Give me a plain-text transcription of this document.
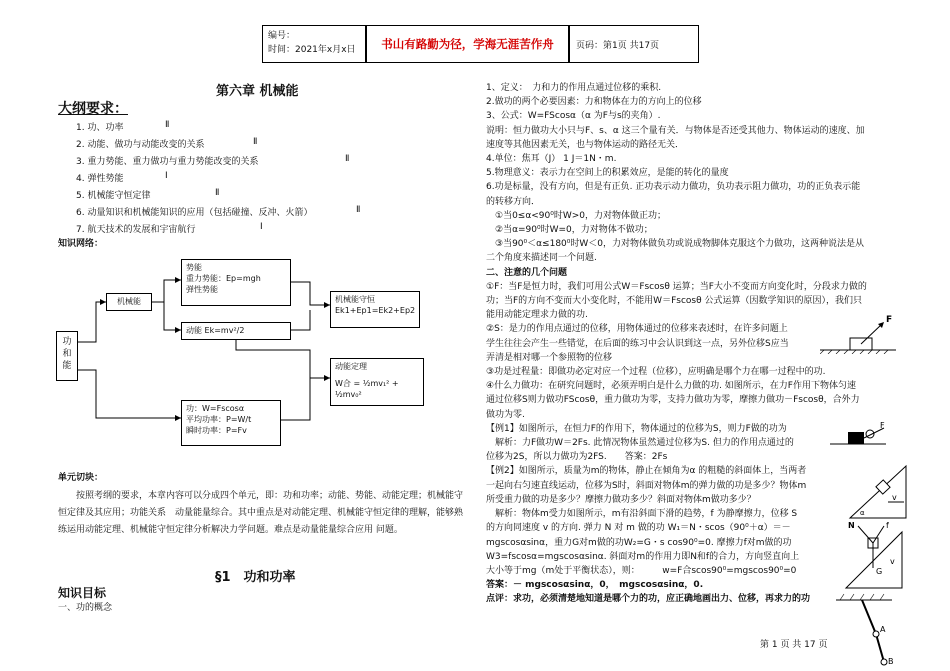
编号：
时间：2021年x月x日	书山有路勤为径，学海无涯苦作舟 页码：第1页 共17页
第六章 机械能
大纲要求：
1. 功、功率	Ⅱ
2. 动能、做功与动能改变的关系	Ⅱ
3. 重力势能、重力做功与重力势能改变的关系	Ⅱ
4. 弹性势能	Ⅰ
5. 机械能守恒定律	Ⅱ
6. 动量知识和机械能知识的应用（包括碰撞、反冲、火箭）	Ⅱ
7. 航天技术的发展和宇宙航行	Ⅰ
知识网络：
功和能
机械能
势能
重力势能：Ep=mgh
弹性势能
动能 Ek=mv²/2
机械能守恒
Ek1+Ep1=Ek2+Ep2
动能定理
W合 = ½mv₁² + ½mv₀²
功：W=Fscosα
平均功率：P=W/t
瞬时功率：P=Fv
单元切块：
按照考纲的要求，本章内容可以分成四个单元，即：功和功率；动能、势能、动能定理；机械能守恒定律及其应用；功能关系　动量能量综合。其中重点是对动能定理、机械能守恒定律的理解，能够熟练运用动能定理、机械能守恒定律分析解决力学问题。难点是动量能量综合应用 问题。
§1　功和功率
知识目标
一、功的概念
1、定义：　力和力的作用点通过位移的乘积.
2.做功的两个必要因素：力和物体在力的方向上的位移
3、公式：W=FScosα（α 为F与s的夹角）.
说明：恒力做功大小只与F、s、α 这三个量有关．与物体是否还受其他力、物体运动的速度、加
速度等其他因素无关，也与物体运动的路径无关．
4.单位：焦耳（J） 1 J＝1N・m.
5.物理意义：表示力在空间上的积累效应，是能的转化的量度
6.功是标量，没有方向，但是有正负. 正功表示动力做功，负功表示阻力做功，功的正负表示能
的转移方向．
　①当0≤α<90⁰时W>0，力对物体做正功；
　②当α=90⁰时W=0，力对物体不做功；
　③当90⁰＜α≤180⁰时W＜0，力对物体做负功或说成物脚体克服这个力做功，这两种说法是从
二个角度来描述同一个问题.
二、注意的几个问题
①F：当F是恒力时，我们可用公式W＝Fscosθ 运算；当F大小不变而方向变化时，分段求力做的
功；当F的方向不变而大小变化时，不能用W＝Fscosθ 公式运算（因数学知识的原因），我们只
能用动能定理求力做的功.
②S：是力的作用点通过的位移，用物体通过的位移来表述时，在许多问题上
学生往往会产生一些错觉，在后面的练习中会认识到这一点，另外位移S应当
弄清是相对哪一个参照物的位移
③功是过程量：即做功必定对应一个过程（位移），应明确是哪个力在哪一过程中的功.
④什么力做功：在研究问题时，必须弄明白是什么力做的功. 如图所示，在力F作用下物体匀速
通过位移S则力做功FScosθ，重力做功为零，支持力做功为零，摩擦力做功－Fscosθ，合外力
做功为零.
【例1】如图所示，在恒力F的作用下，物体通过的位移为S，则力F做的功为
　解析：力F做功W＝2Fs. 此情况物体虽然通过位移为S. 但力的作用点通过的
位移为2S，所以力做功为2FS.　　答案：2Fs
【例2】如图所示，质量为m的物体，静止在倾角为α 的粗糙的斜面体上，当两者
一起向右匀速直线运动，位移为S时，斜面对物体m的弹力做的功是多少？物体m
所受重力做的功是多少？摩擦力做功多少？斜面对物体m做功多少？
　解析：物体m受力如图所示，m有沿斜面下滑的趋势，f 为静摩擦力，位移 S
的方向同速度 v 的方向. 弹力 N 对 m 做的功 W₁＝N・scos（90⁰＋α）＝－
mgscosαsinα，重力G对m做的功W₂=G・s cos90⁰=0. 摩擦力f对m做的功
W3=fscosα=mgscosαsinα. 斜面对m的作用力即N和f的合力，方向竖直向上
大小等于mg（m处于平衡状态），则：　　　w=F合scos90⁰=mgscos90⁰=0
答案：－ mgscosαsinα，0，　mgscosαsinα，0.
点评：求功，必须清楚地知道是哪个力的功，应正确地画出力、位移，再求力的功
F
F
v
α
N	f
G
v
A
B
第 1 页 共 17 页
